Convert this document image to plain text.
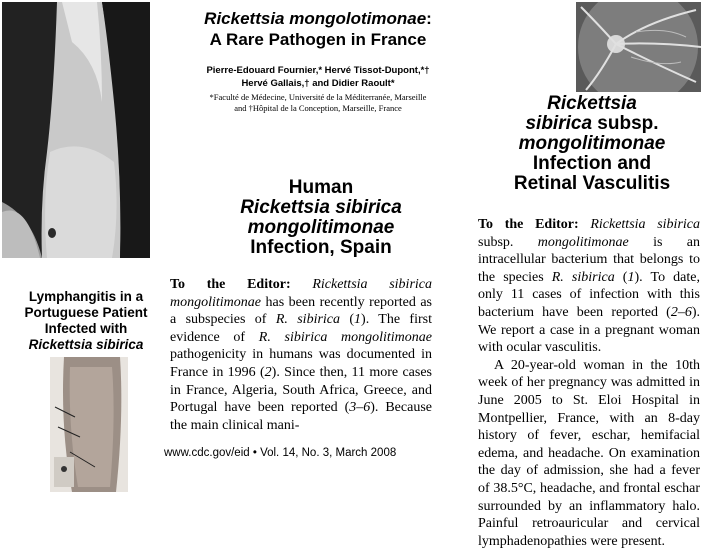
Rickettsia mongolotimonae:
A Rare Pathogen in France
Pierre-Edouard Fournier,* Hervé Tissot-Dupont,*†
Hervé Gallais,† and Didier Raoult*
*Faculté de Médecine, Université de la Méditerranée, Marseille
and †Hôpital de la Conception, Marseille, France
Human
Rickettsia sibirica
mongolitimonae
Infection, Spain

To the Editor: Rickettsia sibirica mongolitimonae has been recently reported as a subspecies of R. sibirica (1). The first evidence of R. sibirica mongolitimonae pathogenicity in humans was documented in France in 1996 (2). Since then, 11 more cases in France, Algeria, South Africa, Greece, and Portugal have been reported (3–6). Because the main clinical mani-

www.cdc.gov/eid • Vol. 14, No. 3, March 2008
Rickettsia
sibirica subsp.
mongolitimonae
Infection and
Retinal Vasculitis

To the Editor: Rickettsia sibirica subsp. mongolitimonae is an intracellular bacterium that belongs to the species R. sibirica (1). To date, only 11 cases of infection with this bacterium have been reported (2–6). We report a case in a pregnant woman with ocular vasculitis.

A 20-year-old woman in the 10th week of her pregnancy was admitted in June 2005 to St. Eloi Hospital in Montpellier, France, with an 8-day history of fever, eschar, hemifacial edema, and headache. On examination the day of admission, she had a fever of 38.5°C, headache, and frontal eschar surrounded by an inflammatory halo. Painful retroauricular and cervical lymphadenopathies were present.

Lymphangitis in a
Portuguese Patient
Infected with
Rickettsia sibirica
